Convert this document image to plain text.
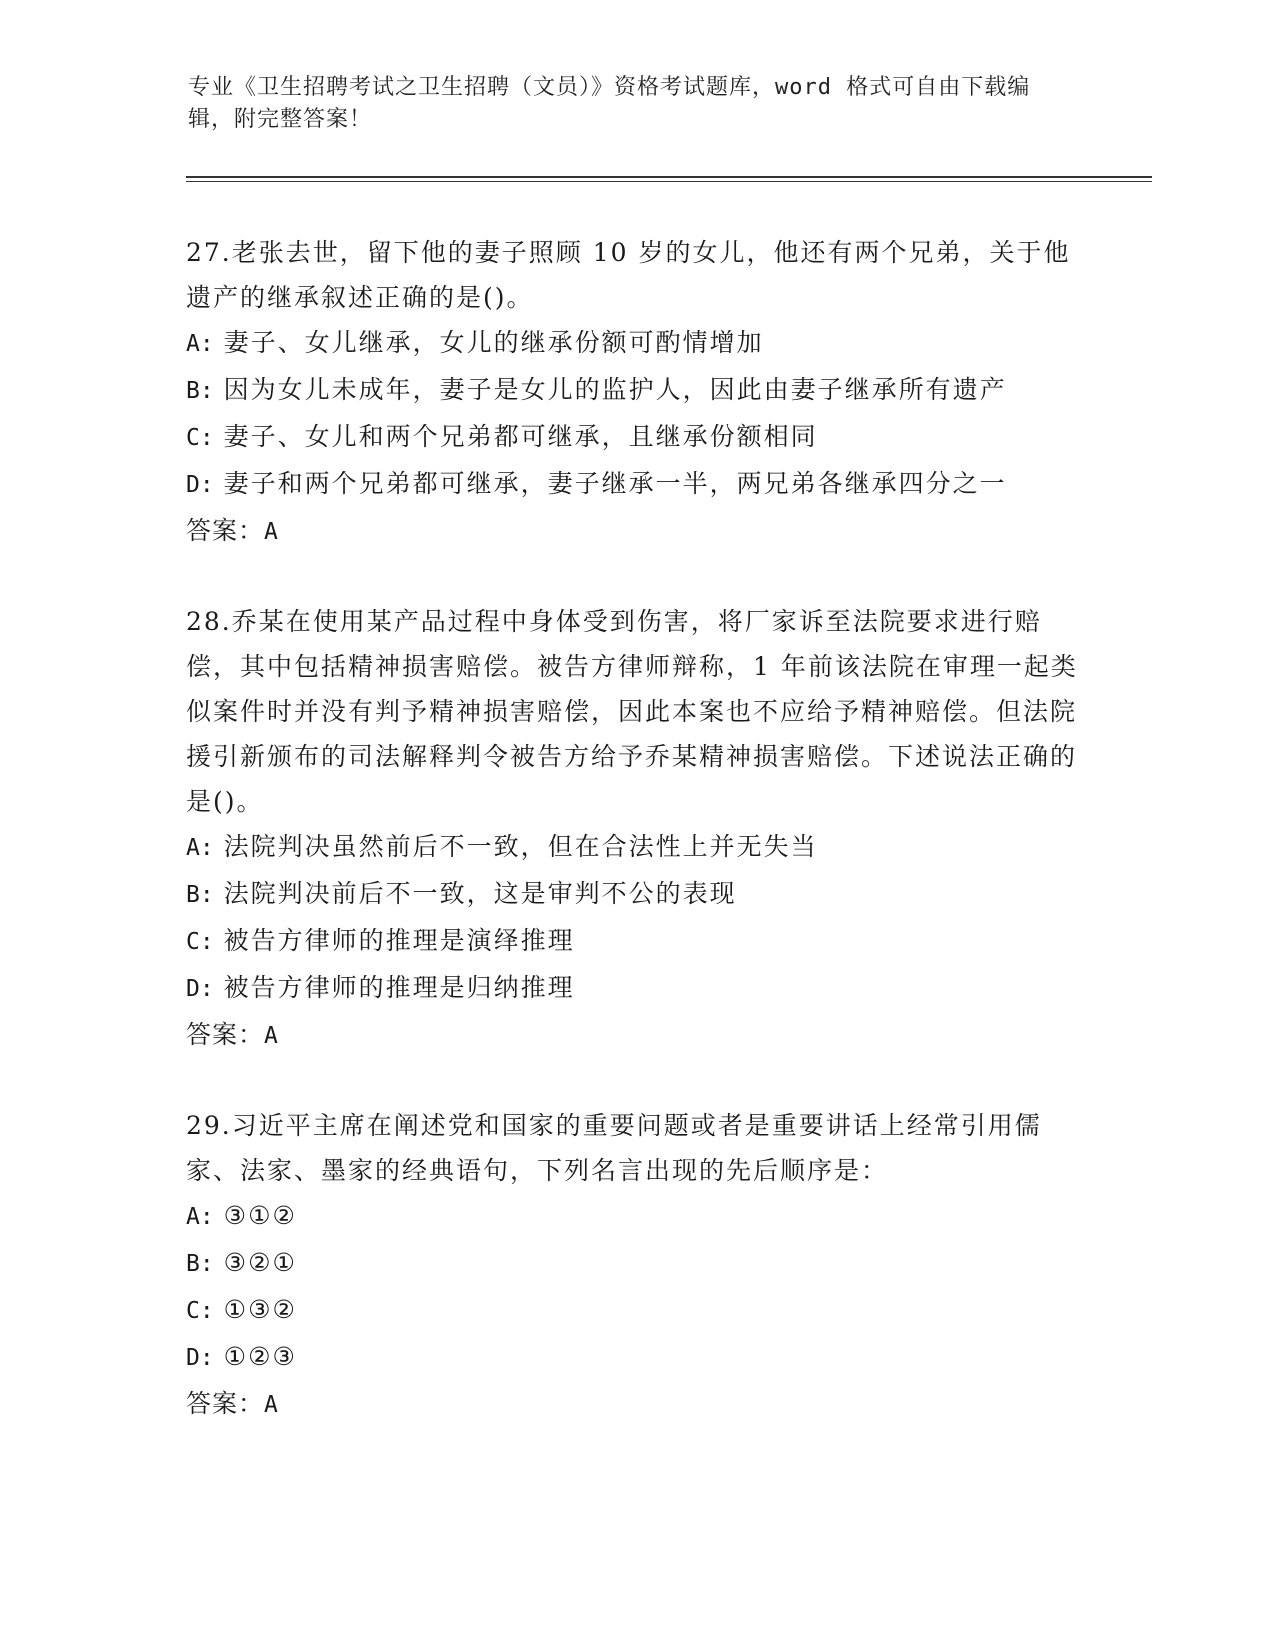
专业《卫生招聘考试之卫生招聘（文员）》资格考试题库，word 格式可自由下载编辑，附完整答案！

27.老张去世，留下他的妻子照顾 10 岁的女儿，他还有两个兄弟，关于他遗产的继承叙述正确的是()。

A: 妻子、女儿继承，女儿的继承份额可酌情增加

B: 因为女儿未成年，妻子是女儿的监护人，因此由妻子继承所有遗产

C: 妻子、女儿和两个兄弟都可继承，且继承份额相同

D: 妻子和两个兄弟都可继承，妻子继承一半，两兄弟各继承四分之一

答案：A

28.乔某在使用某产品过程中身体受到伤害，将厂家诉至法院要求进行赔偿，其中包括精神损害赔偿。被告方律师辩称，1 年前该法院在审理一起类似案件时并没有判予精神损害赔偿，因此本案也不应给予精神赔偿。但法院援引新颁布的司法解释判令被告方给予乔某精神损害赔偿。下述说法正确的是()。

A: 法院判决虽然前后不一致，但在合法性上并无失当

B: 法院判决前后不一致，这是审判不公的表现

C: 被告方律师的推理是演绎推理

D: 被告方律师的推理是归纳推理

答案：A

29.习近平主席在阐述党和国家的重要问题或者是重要讲话上经常引用儒家、法家、墨家的经典语句，下列名言出现的先后顺序是：

A: ③①②

B: ③②①

C: ①③②

D: ①②③

答案：A
